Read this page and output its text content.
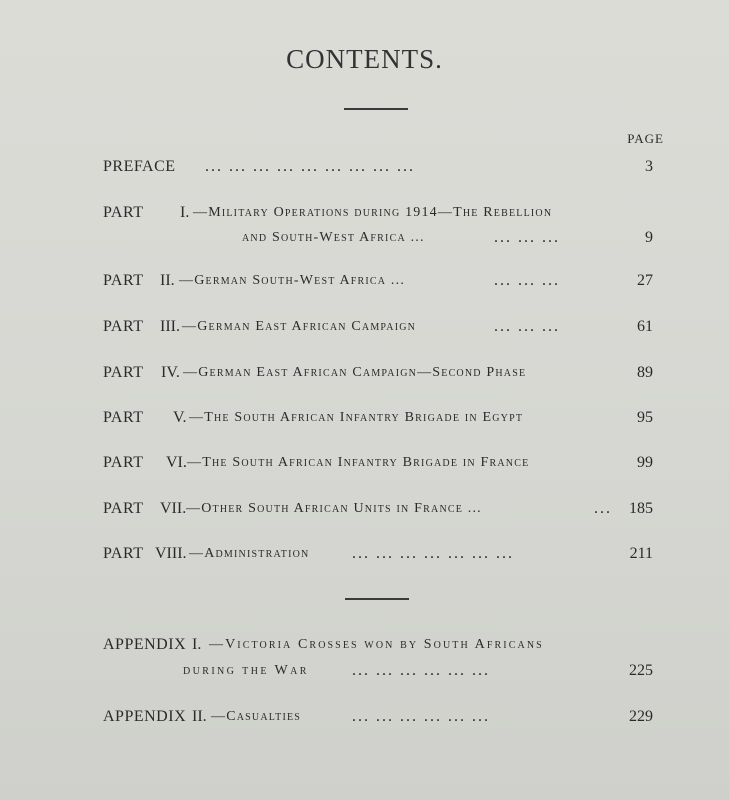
CONTENTS.
PAGE
PREFACE ... ... ... ... ... ... ... ... ...	3
PART I. —Military Operations during 1914—The Rebellion
and South-West Africa ...	... ... ...	9
PART II. —German South-West Africa ...	... ... ...	27
PART III. —German East African Campaign	... ... ...	61
PART IV. —German East African Campaign—Second Phase	89
PART V. —The South African Infantry Brigade in Egypt	95
PART VI. —The South African Infantry Brigade in France	99
PART VII. —Other South African Units in France ...	... 185
PART VIII. —Administration	... ... ... ... ... ... ...	211
APPENDIX I. —Victoria Crosses won by South Africans
during the War	... ... ... ... ... ...	225
APPENDIX II. —Casualties	... ... ... ... ... ...	229
